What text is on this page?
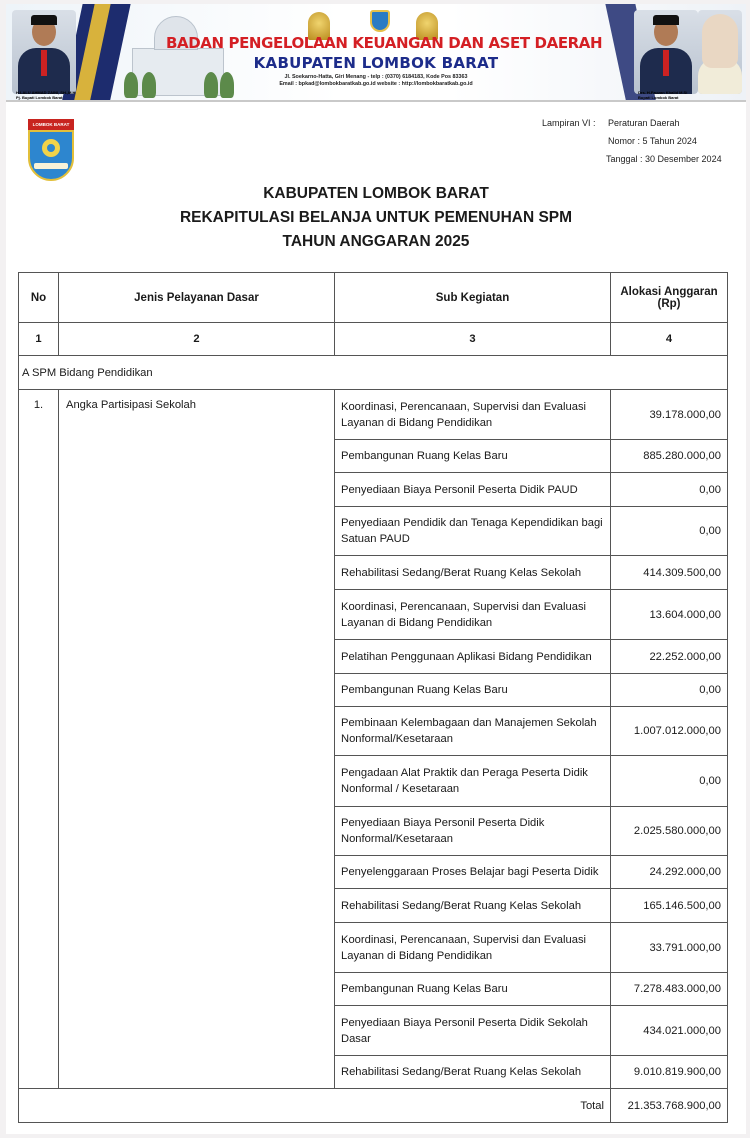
H.LALU AHMAD ZAINI, SH.,M.H
Pj. Bupati Lombok Barat
BADAN PENGELOLAAN KEUANGAN DAN ASET DAERAH
KABUPATEN LOMBOK BARAT
Jl. Soekarno-Hatta, Giri Menang - telp : (0370) 6184183, Kode Pos 83363
Email : bpkad@lombokbaratkab.go.id website : http://lombokbaratkab.go.id
Drs. H.Fauzan Khalid M.Si
Bupati Lombok Barat
LOMBOK BARAT	Lampiran VI : Peraturan Daerah
Nomor : 5 Tahun 2024
Tanggal : 30 Desember 2024
KABUPATEN LOMBOK BARAT
REKAPITULASI BELANJA UNTUK PEMENUHAN SPM
TAHUN ANGGARAN 2025
No	Jenis Pelayanan Dasar	Sub Kegiatan	Alokasi Anggaran
(Rp)
1	2	3	4
A SPM Bidang Pendidikan			
1.	Angka Partisipasi Sekolah	Koordinasi, Perencanaan, Supervisi dan Evaluasi Layanan di Bidang Pendidikan	39.178.000,00
		Pembangunan Ruang Kelas Baru	885.280.000,00
		Penyediaan Biaya Personil Peserta Didik PAUD	0,00
		Penyediaan Pendidik dan Tenaga Kependidikan bagi Satuan PAUD	0,00
		Rehabilitasi Sedang/Berat Ruang Kelas Sekolah	414.309.500,00
		Koordinasi, Perencanaan, Supervisi dan Evaluasi Layanan di Bidang Pendidikan	13.604.000,00
		Pelatihan Penggunaan Aplikasi Bidang Pendidikan	22.252.000,00
		Pembangunan Ruang Kelas Baru	0,00
		Pembinaan Kelembagaan dan Manajemen Sekolah Nonformal/Kesetaraan	1.007.012.000,00
		Pengadaan Alat Praktik dan Peraga Peserta Didik Nonformal / Kesetaraan	0,00
		Penyediaan Biaya Personil Peserta Didik Nonformal/Kesetaraan	2.025.580.000,00
		Penyelenggaraan Proses Belajar bagi Peserta Didik	24.292.000,00
		Rehabilitasi Sedang/Berat Ruang Kelas Sekolah	165.146.500,00
		Koordinasi, Perencanaan, Supervisi dan Evaluasi Layanan di Bidang Pendidikan	33.791.000,00
		Pembangunan Ruang Kelas Baru	7.278.483.000,00
		Penyediaan Biaya Personil Peserta Didik Sekolah Dasar	434.021.000,00
		Rehabilitasi Sedang/Berat Ruang Kelas Sekolah	9.010.819.900,00
Total			21.353.768.900,00
